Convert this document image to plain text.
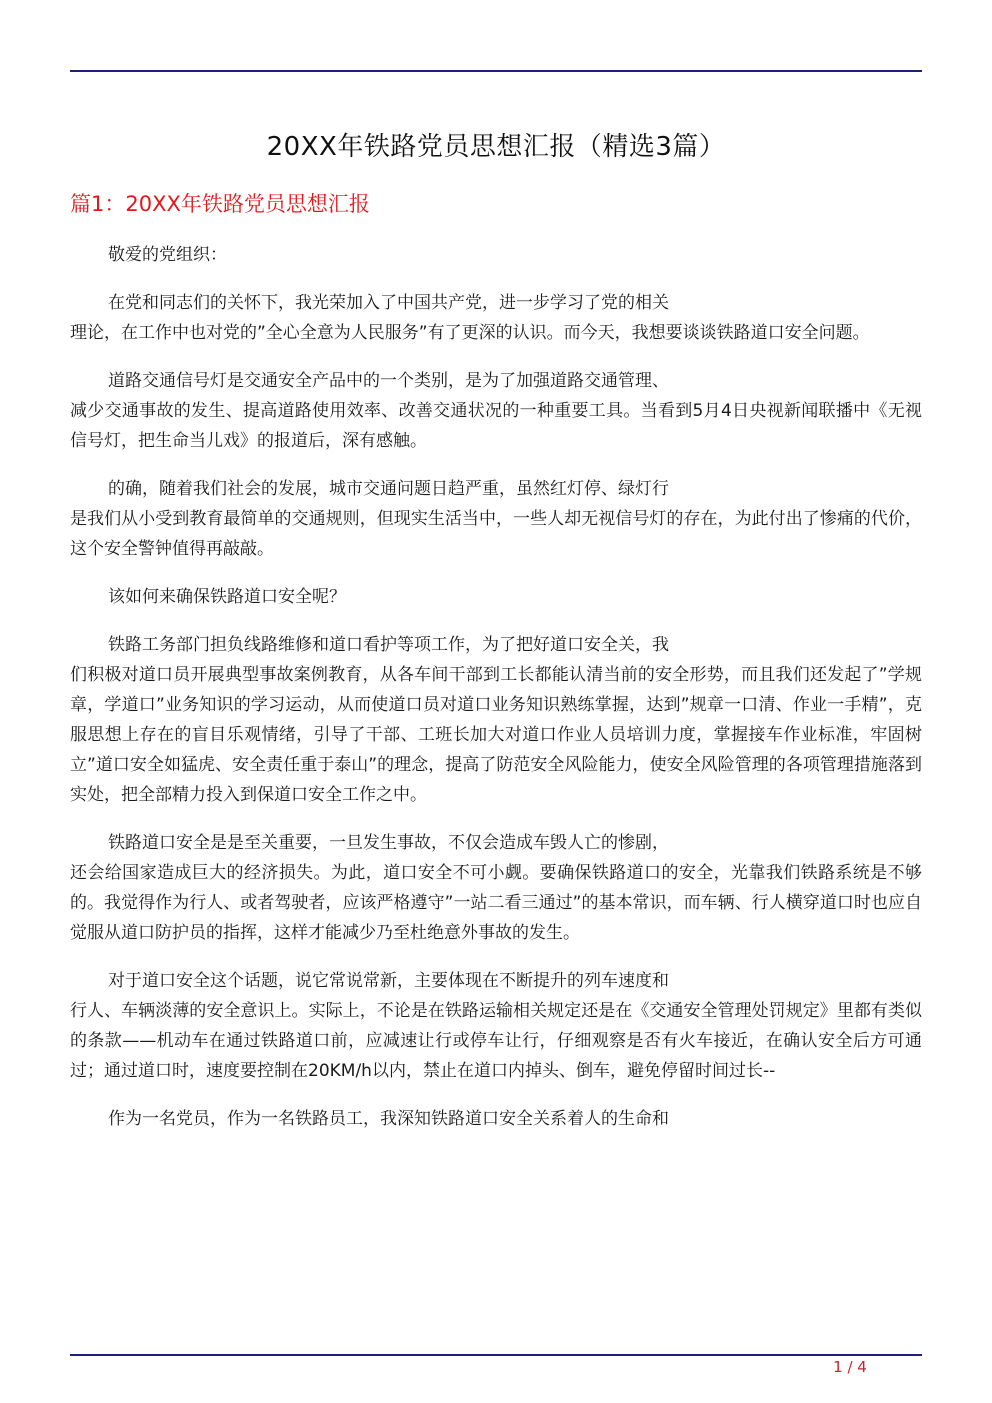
20XX年铁路党员思想汇报（精选3篇）
篇1：20XX年铁路党员思想汇报

敬爱的党组织：

在党和同志们的关怀下，我光荣加入了中国共产党，进一步学习了党的相关
理论，在工作中也对党的”全心全意为人民服务”有了更深的认识。而今天，我想要谈谈铁路道口安全问题。

道路交通信号灯是交通安全产品中的一个类别，是为了加强道路交通管理、
减少交通事故的发生、提高道路使用效率、改善交通状况的一种重要工具。当看到5月4日央视新闻联播中《无视信号灯，把生命当儿戏》的报道后，深有感触。

的确，随着我们社会的发展，城市交通问题日趋严重，虽然红灯停、绿灯行
是我们从小受到教育最简单的交通规则，但现实生活当中，一些人却无视信号灯的存在，为此付出了惨痛的代价，这个安全警钟值得再敲敲。

该如何来确保铁路道口安全呢？

铁路工务部门担负线路维修和道口看护等项工作，为了把好道口安全关，我
们积极对道口员开展典型事故案例教育，从各车间干部到工长都能认清当前的安全形势，而且我们还发起了”学规章，学道口”业务知识的学习运动，从而使道口员对道口业务知识熟练掌握，达到”规章一口清、作业一手精”，克服思想上存在的盲目乐观情绪，引导了干部、工班长加大对道口作业人员培训力度，掌握接车作业标准，牢固树立”道口安全如猛虎、安全责任重于泰山”的理念，提高了防范安全风险能力，使安全风险管理的各项管理措施落到实处，把全部精力投入到保道口安全工作之中。

铁路道口安全是是至关重要，一旦发生事故，不仅会造成车毁人亡的惨剧，
还会给国家造成巨大的经济损失。为此，道口安全不可小觑。要确保铁路道口的安全，光靠我们铁路系统是不够的。我觉得作为行人、或者驾驶者，应该严格遵守”一站二看三通过”的基本常识，而车辆、行人横穿道口时也应自觉服从道口防护员的指挥，这样才能减少乃至杜绝意外事故的发生。

对于道口安全这个话题，说它常说常新，主要体现在不断提升的列车速度和
行人、车辆淡薄的安全意识上。实际上，不论是在铁路运输相关规定还是在《交通安全管理处罚规定》里都有类似的条款——机动车在通过铁路道口前，应减速让行或停车让行，仔细观察是否有火车接近，在确认安全后方可通过；通过道口时，速度要控制在20KM/h以内，禁止在道口内掉头、倒车，避免停留时间过长--

作为一名党员，作为一名铁路员工，我深知铁路道口安全关系着人的生命和

1 / 4
